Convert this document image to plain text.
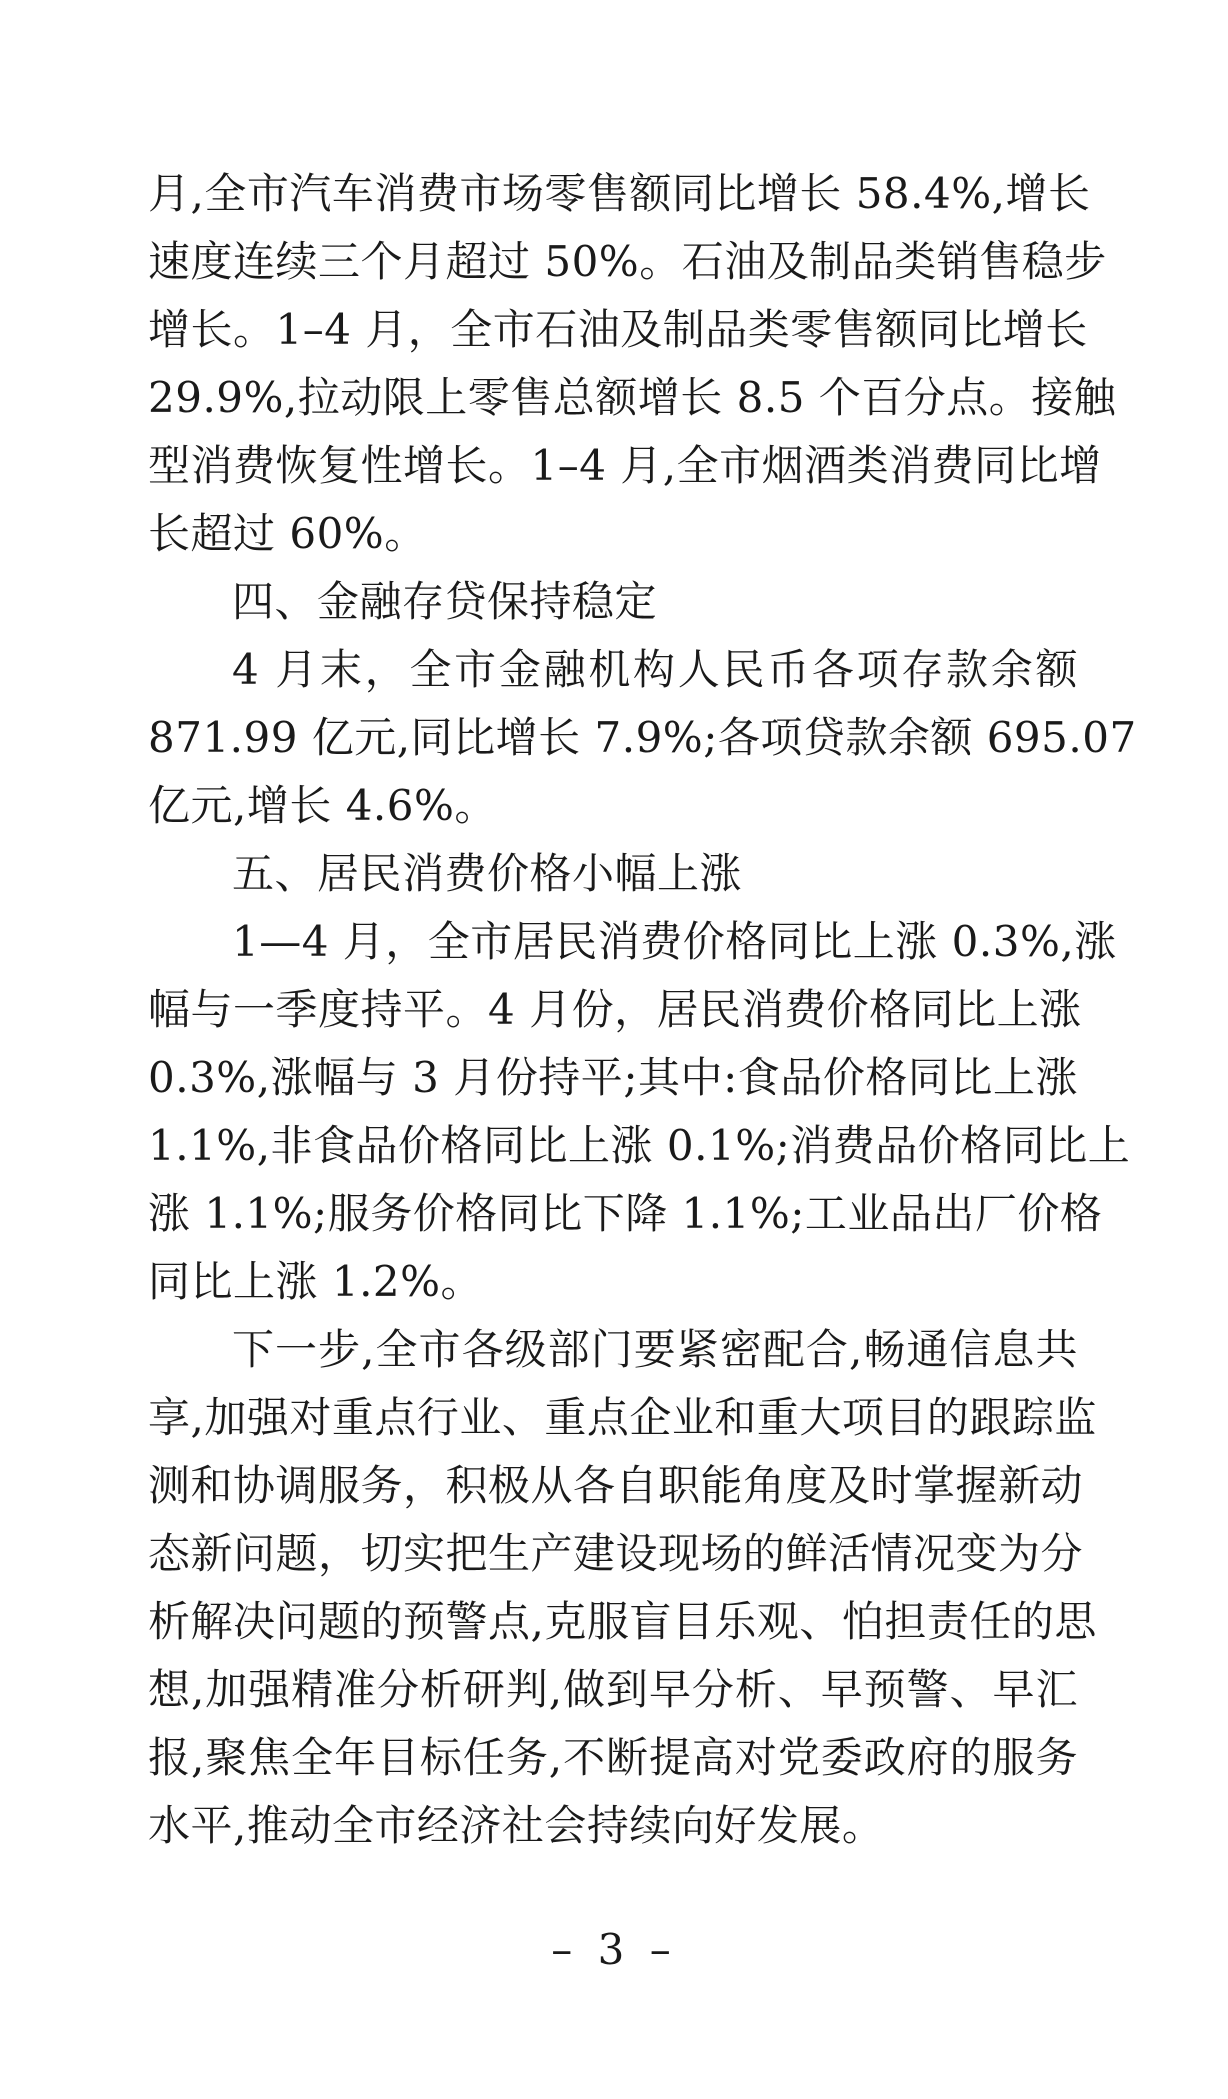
月,全市汽车消费市场零售额同比增长 58.4%,增长
速度连续三个月超过 50%。石油及制品类销售稳步
增长。1–4 月，全市石油及制品类零售额同比增长
29.9%,拉动限上零售总额增长 8.5 个百分点。接触
型消费恢复性增长。1–4 月,全市烟酒类消费同比增
长超过 60%。
四、金融存贷保持稳定
4 月末，全市金融机构人民币各项存款余额
871.99 亿元,同比增长 7.9%;各项贷款余额 695.07
亿元,增长 4.6%。
五、居民消费价格小幅上涨
1—4 月，全市居民消费价格同比上涨 0.3%,涨
幅与一季度持平。4 月份，居民消费价格同比上涨
0.3%,涨幅与 3 月份持平;其中:食品价格同比上涨
1.1%,非食品价格同比上涨 0.1%;消费品价格同比上
涨 1.1%;服务价格同比下降 1.1%;工业品出厂价格
同比上涨 1.2%。
下一步,全市各级部门要紧密配合,畅通信息共
享,加强对重点行业、重点企业和重大项目的跟踪监
测和协调服务，积极从各自职能角度及时掌握新动
态新问题，切实把生产建设现场的鲜活情况变为分
析解决问题的预警点,克服盲目乐观、怕担责任的思
想,加强精准分析研判,做到早分析、早预警、早汇
报,聚焦全年目标任务,不断提高对党委政府的服务
水平,推动全市经济社会持续向好发展。
– 3 –
